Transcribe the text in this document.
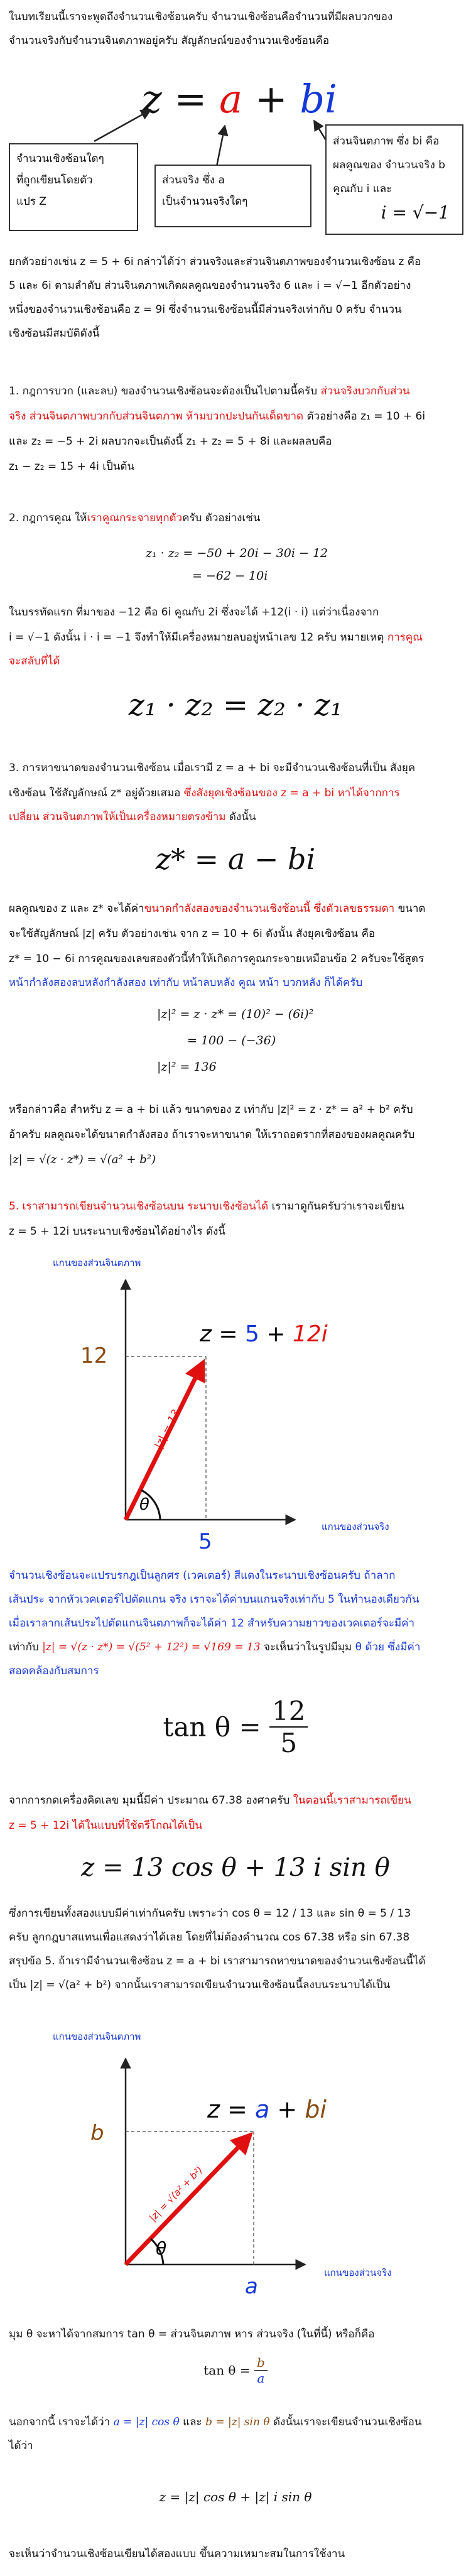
ในบทเรียนนี้เราจะพูดถึงจำนวนเชิงซ้อนครับ จำนวนเชิงซ้อนคือจำนวนที่มีผลบวกของ
จำนวนจริงกับจำนวนจินตภาพอยู่ครับ สัญลักษณ์ของจำนวนเชิงซ้อนคือ
z = a + bi
จำนวนเชิงซ้อนใดๆ
ที่ถูกเขียนโดยตัว
แปร Z
ส่วนจริง ซึ่ง a
เป็นจำนวนจริงใดๆ
ส่วนจินตภาพ ซึ่ง bi คือ
ผลคูณของ จำนวนจริง b
คูณกับ i และ
i = √−1
ยกตัวอย่างเช่น z = 5 + 6i กล่าวได้ว่า ส่วนจริงและส่วนจินตภาพของจำนวนเชิงซ้อน z คือ
5 และ 6i ตามลำดับ ส่วนจินตภาพเกิดผลคูณของจำนวนจริง 6 และ i = √−1 อีกตัวอย่าง
หนึ่งของจำนวนเชิงซ้อนคือ z = 9i ซึ่งจำนวนเชิงซ้อนนี้มีส่วนจริงเท่ากับ 0 ครับ จำนวน
เชิงซ้อนมีสมบัติดังนี้
1. กฎการบวก (และลบ) ของจำนวนเชิงซ้อนจะต้องเป็นไปตามนี้ครับ ส่วนจริงบวกกับส่วน
จริง ส่วนจินตภาพบวกกับส่วนจินตภาพ ห้ามบวกปะปนกันเด็ดขาด ตัวอย่างคือ z₁ = 10 + 6i
และ z₂ = −5 + 2i ผลบวกจะเป็นดังนี้ z₁ + z₂ = 5 + 8i และผลลบคือ
z₁ − z₂ = 15 + 4i เป็นต้น
2. กฎการคูณ ให้เราคูณกระจายทุกตัวครับ ตัวอย่างเช่น
z₁ · z₂ = −50 + 20i − 30i − 12
= −62 − 10i
ในบรรทัดแรก ที่มาของ −12 คือ 6i คูณกับ 2i ซึ่งจะได้ +12(i · i) แต่ว่าเนื่องจาก
i = √−1 ดังนั้น i · i = −1 จึงทำให้มีเครื่องหมายลบอยู่หน้าเลข 12 ครับ หมายเหตุ การคูณ
จะสลับที่ได้
z₁ · z₂ = z₂ · z₁
3. การหาขนาดของจำนวนเชิงซ้อน เมื่อเรามี z = a + bi จะมีจำนวนเชิงซ้อนที่เป็น สังยุค
เชิงซ้อน ใช้สัญลักษณ์ z* อยู่ด้วยเสมอ ซึ่งสังยุคเชิงซ้อนของ z = a + bi หาได้จากการ
เปลี่ยน ส่วนจินตภาพให้เป็นเครื่องหมายตรงข้าม ดังนั้น
z* = a − bi
ผลคูณของ z และ z* จะได้ค่าขนาดกำลังสองของจำนวนเชิงซ้อนนี้ ซึ่งตัวเลขธรรมดา ขนาด
จะใช้สัญลักษณ์ |z| ครับ ตัวอย่างเช่น จาก z = 10 + 6i ดังนั้น สังยุคเชิงซ้อน คือ
z* = 10 − 6i การคูณของเลขสองตัวนี้ทำให้เกิดการคูณกระจายเหมือนข้อ 2 ครับจะใช้สูตร
หน้ากำลังสองลบหลังกำลังสอง เท่ากับ หน้าลบหลัง คูณ หน้า บวกหลัง ก็ได้ครับ
|z|² = z · z* = (10)² − (6i)²
= 100 − (−36)
|z|² = 136
หรือกล่าวคือ สำหรับ z = a + bi แล้ว ขนาดของ z เท่ากับ |z|² = z · z* = a² + b² ครับ
อ้าครับ ผลคูณจะได้ขนาดกำลังสอง ถ้าเราจะหาขนาด ให้เราถอดรากที่สองของผลคูณครับ
|z| = √(z · z*) = √(a² + b²)
5. เราสามารถเขียนจำนวนเชิงซ้อนบน ระนาบเชิงซ้อนได้ เรามาดูกันครับว่าเราจะเขียน
z = 5 + 12i บนระนาบเชิงซ้อนได้อย่างไร ดังนี้
แกนของส่วนจินตภาพ
แกนของส่วนจริง
θ
|z| = 13
12
5
z = 5 + 12i
จำนวนเชิงซ้อนจะแปรบรกฎเป็นลูกศร (เวคเตอร์) สีแดงในระนาบเชิงซ้อนครับ ถ้าลาก
เส้นประ จากหัวเวคเตอร์ไปตัดแกน จริง เราจะได้ค่าบนแกนจริงเท่ากับ 5 ในทำนองเดียวกัน
เมื่อเราลากเส้นประไปตัดแกนจินตภาพก็จะได้ค่า 12 สำหรับความยาวของเวคเตอร์จะมีค่า
เท่ากับ |z| = √(z · z*) = √(5² + 12²) = √169 = 13 จะเห็นว่าในรูปมีมุม θ ด้วย ซึ่งมีค่า
สอดคล้องกับสมการ
$\tan \theta = \frac{12}{5}$
จากการกดเครื่องคิดเลข มุมนี้มีค่า ประมาณ 67.38 องศาครับ ในตอนนี้เราสามารถเขียน
z = 5 + 12i ได้ในแบบที่ใช้ตรีโกณได้เป็น
z = 13 cos θ + 13 i sin θ
ซึ่งการเขียนทั้งสองแบบมีค่าเท่ากันครับ เพราะว่า cos θ = 12 / 13 และ sin θ = 5 / 13
ครับ ลูกกฎบาสแทนเพื่อแสดงว่าได้เลย โดยที่ไม่ต้องคำนวณ cos 67.38 หรือ sin 67.38
สรุปข้อ 5. ถ้าเรามีจำนวนเชิงซ้อน z = a + bi เราสามารถหาขนาดของจำนวนเชิงซ้อนนี้ได้
เป็น |z| = √(a² + b²) จากนั้นเราสามารถเขียนจำนวนเชิงซ้อนนี้ลงบนระนาบได้เป็น
แกนของส่วนจินตภาพ
แกนของส่วนจริง
θ
|z| = √(a² + b²)
b
a
z = a + bi
มุม θ จะหาได้จากสมการ tan θ = ส่วนจินตภาพ หาร ส่วนจริง (ในที่นี้) หรือก็คือ
$\tan \theta = \frac{b}{a}$
นอกจากนี้ เราจะได้ว่า a = |z| cos θ และ b = |z| sin θ ดังนั้นเราจะเขียนจำนวนเชิงซ้อน
ได้ว่า
z = |z| cos θ + |z| i sin θ
จะเห็นว่าจำนวนเชิงซ้อนเขียนได้สองแบบ ขึ้นความเหมาะสมในการใช้งาน
